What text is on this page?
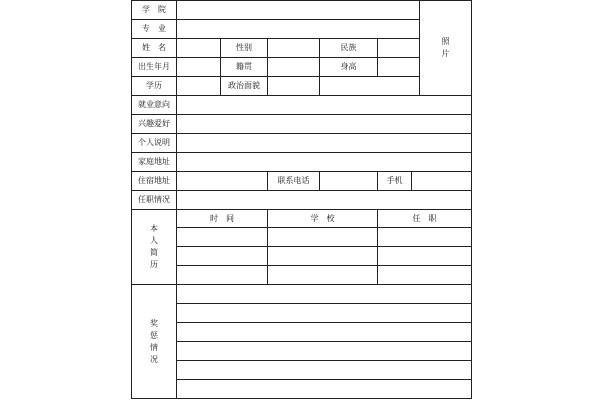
学　院							照片
专　业							
姓　名		性别		民族			
出生年月		籍贯		身高			
学历		政治面貌					
就业意向							
兴趣爱好							
个人说明							
家庭地址							
住宿地址			联系电话		手机		
任职情况							
本人简历	时　间		学　校		任　职		

奖惩情况							
